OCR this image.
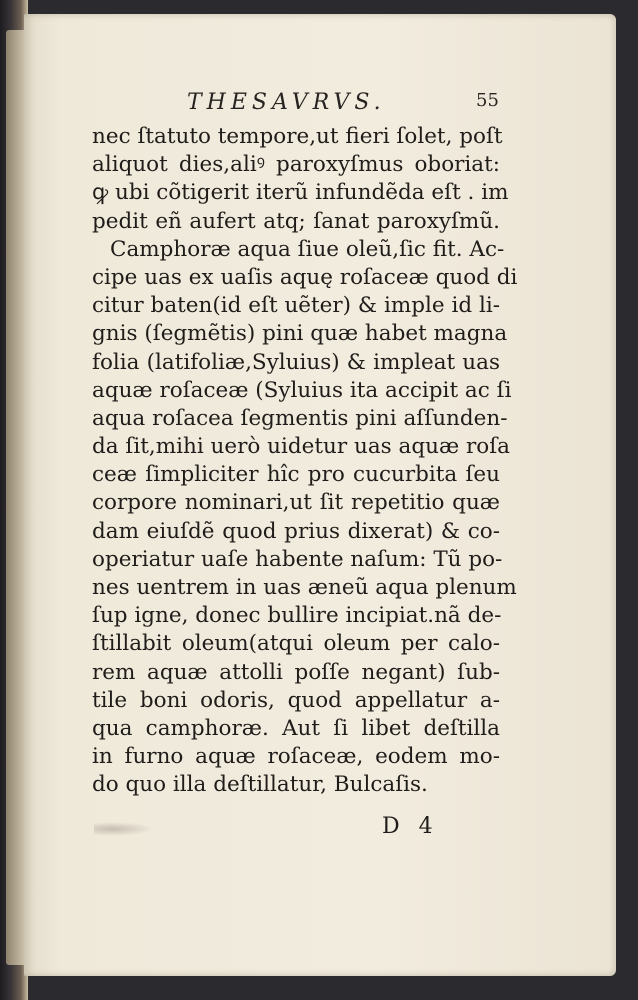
THESAVRVS.	55
nec ſtatuto tempore,ut fieri ſolet, poſt
aliquot dies,aliꝰ paroxyſmus oboriat:
ꝙ ubi cõtigerit iterũ infundẽda eſt . im
pedit eñ aufert atq; ſanat paroxyſmũ.
Camphoræ aqua ſiue oleũ,ſic fit. Ac-
cipe uas ex uaſis aquę roſaceæ quod di
citur baten(id eſt uẽter) & imple id li-
gnis (ſegmẽtis) pini quæ habet magna
folia (latifoliæ,Syluius) & impleat uas
aquæ roſaceæ (Syluius ita accipit ac ſi
aqua roſacea ſegmentis pini aſſunden-
da ſit,mihi uerò uidetur uas aquæ roſa
ceæ ſimpliciter hîc pro cucurbita ſeu
corpore nominari,ut ſit repetitio quæ
dam eiuſdẽ quod prius dixerat) & co-
operiatur uaſe habente naſum: Tũ po-
nes uentrem in uas æneũ aqua plenum
ſup igne, donec bullire incipiat.nã de-
ſtillabit oleum(atqui oleum per calo-
rem aquæ attolli poſſe negant) ſub-
tile boni odoris, quod appellatur a-
qua camphoræ. Aut ſi libet deſtilla
in furno aquæ roſaceæ, eodem mo-
do quo illa deſtillatur, Bulcaſis.
D 4
